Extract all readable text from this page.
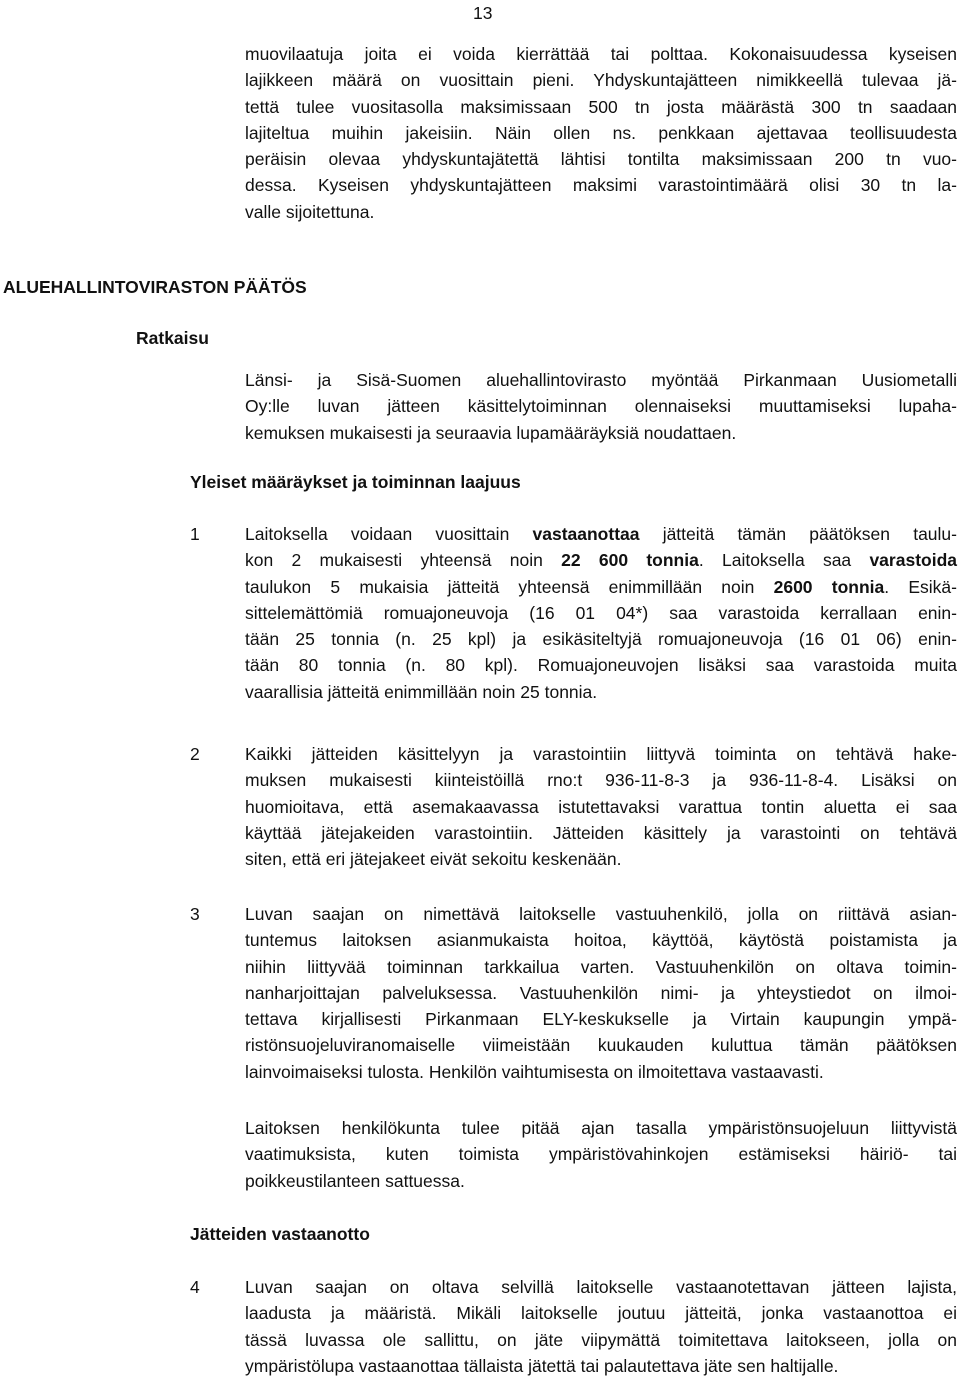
13
muovilaatuja joita ei voida kierrättää tai polttaa. Kokonaisuudessa kyseisen
lajikkeen määrä on vuosittain pieni. Yhdyskuntajätteen nimikkeellä tulevaa jä-
tettä tulee vuositasolla maksimissaan 500 tn josta määrästä 300 tn saadaan
lajiteltua muihin jakeisiin. Näin ollen ns. penkkaan ajettavaa teollisuudesta
peräisin olevaa yhdyskuntajätettä lähtisi tontilta maksimissaan 200 tn vuo-
dessa. Kyseisen yhdyskuntajätteen maksimi varastointimäärä olisi 30 tn la-
valle sijoitettuna.
ALUEHALLINTOVIRASTON PÄÄTÖS
Ratkaisu
Länsi- ja Sisä-Suomen aluehallintovirasto myöntää Pirkanmaan Uusiometalli
Oy:lle luvan jätteen käsittelytoiminnan olennaiseksi muuttamiseksi lupaha-
kemuksen mukaisesti ja seuraavia lupamääräyksiä noudattaen.
Yleiset määräykset ja toiminnan laajuus
1	Laitoksella voidaan vuosittain vastaanottaa jätteitä tämän päätöksen taulu-
kon 2 mukaisesti yhteensä noin 22 600 tonnia. Laitoksella saa varastoida
taulukon 5 mukaisia jätteitä yhteensä enimmillään noin 2600 tonnia. Esikä-
sittelemättömiä romuajoneuvoja (16 01 04*) saa varastoida kerrallaan enin-
tään 25 tonnia (n. 25 kpl) ja esikäsiteltyjä romuajoneuvoja (16 01 06) enin-
tään 80 tonnia (n. 80 kpl). Romuajoneuvojen lisäksi saa varastoida muita
vaarallisia jätteitä enimmillään noin 25 tonnia.
2	Kaikki jätteiden käsittelyyn ja varastointiin liittyvä toiminta on tehtävä hake-
muksen mukaisesti kiinteistöillä rno:t 936-11-8-3 ja 936-11-8-4. Lisäksi on
huomioitava, että asemakaavassa istutettavaksi varattua tontin aluetta ei saa
käyttää jätejakeiden varastointiin. Jätteiden käsittely ja varastointi on tehtävä
siten, että eri jätejakeet eivät sekoitu keskenään.
3	Luvan saajan on nimettävä laitokselle vastuuhenkilö, jolla on riittävä asian-
tuntemus laitoksen asianmukaista hoitoa, käyttöä, käytöstä poistamista ja
niihin liittyvää toiminnan tarkkailua varten. Vastuuhenkilön on oltava toimin-
nanharjoittajan palveluksessa. Vastuuhenkilön nimi- ja yhteystiedot on ilmoi-
tettava kirjallisesti Pirkanmaan ELY-keskukselle ja Virtain kaupungin ympä-
ristönsuojeluviranomaiselle viimeistään kuukauden kuluttua tämän päätöksen
lainvoimaiseksi tulosta. Henkilön vaihtumisesta on ilmoitettava vastaavasti.
Laitoksen henkilökunta tulee pitää ajan tasalla ympäristönsuojeluun liittyvistä
vaatimuksista, kuten toimista ympäristövahinkojen estämiseksi häiriö- tai
poikkeustilanteen sattuessa.
Jätteiden vastaanotto
4	Luvan saajan on oltava selvillä laitokselle vastaanotettavan jätteen lajista,
laadusta ja määristä. Mikäli laitokselle joutuu jätteitä, jonka vastaanottoa ei
tässä luvassa ole sallittu, on jäte viipymättä toimitettava laitokseen, jolla on
ympäristölupa vastaanottaa tällaista jätettä tai palautettava jäte sen haltijalle.
